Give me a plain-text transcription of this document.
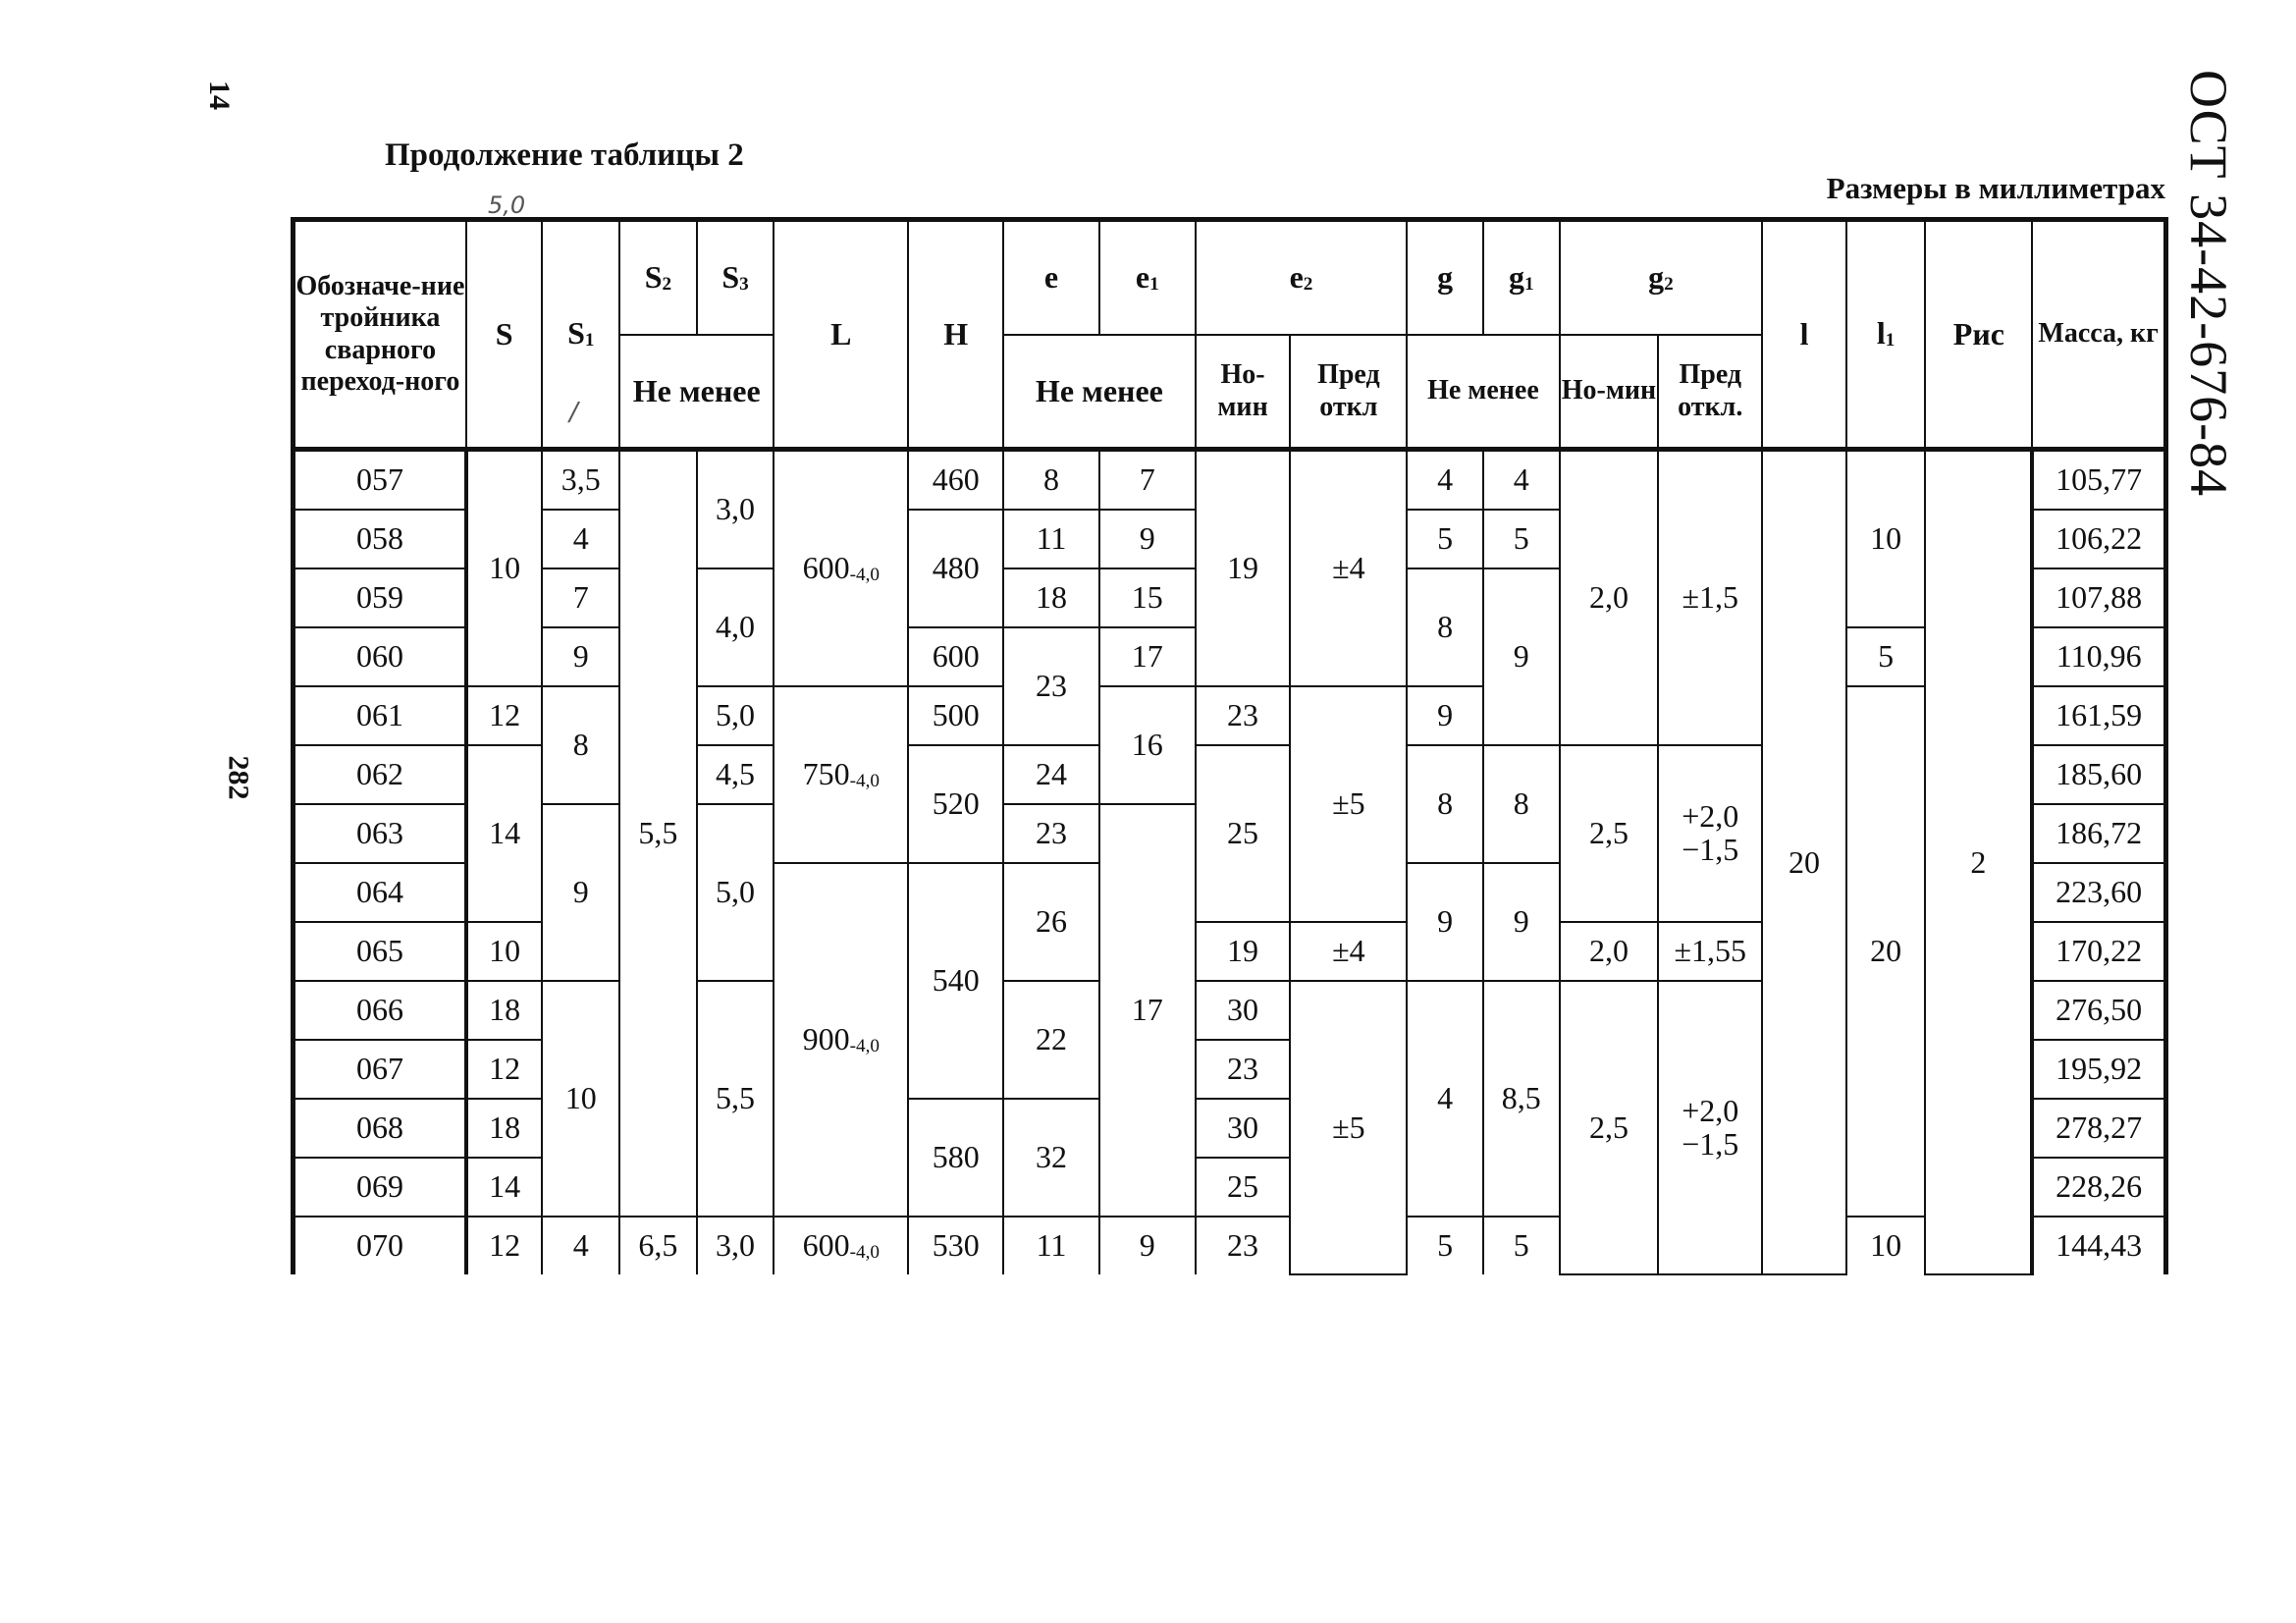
14
282
ОСТ 34-42-676-84
Продолжение таблицы 2
Размеры в миллиметрах
5,0
/
Обозначе-ние тройника сварного переход-ного	S	$S_1$	$S_2$	$S_3$	L	H	e	$e_1$	$e_2$		g	$g_1$	$g_2$		l	$l_1$	Рис	Масса, кг
			Не менее				Не менее		Но-мин	Пред откл	Не менее		Но-мин	Пред откл.				
057	10	3,5	5,5	3,0	$600_{-4,0}$	460	8	7	19	±4	4	4	2,0	±1,5	20	10	2	105,77
058		4				480	11	9			5	5						106,22
059		7		4,0			18	15			8	9						107,88
060		9				600	23	17								5		110,96
061	12	8		5,0	$750_{-4,0}$	500		16	23	±5	9					20		161,59
062	14			4,5		520	24		25		8	8	2,5	+2,0 −1,5				185,60
063		9		5,0			23	17										186,72
064					$900_{-4,0}$	540	26				9	9						223,60
065	10								19	±4			2,0	±1,55				170,22
066	18	10		5,5			22		30	±5	4	8,5	2,5	+2,0 −1,5				276,50
067	12								23									195,92
068	18					580	32		30									278,27
069	14								25									228,26
070	12	4	6,5	3,0	$600_{-4,0}$	530	11	9	23		5	5				10		144,43
